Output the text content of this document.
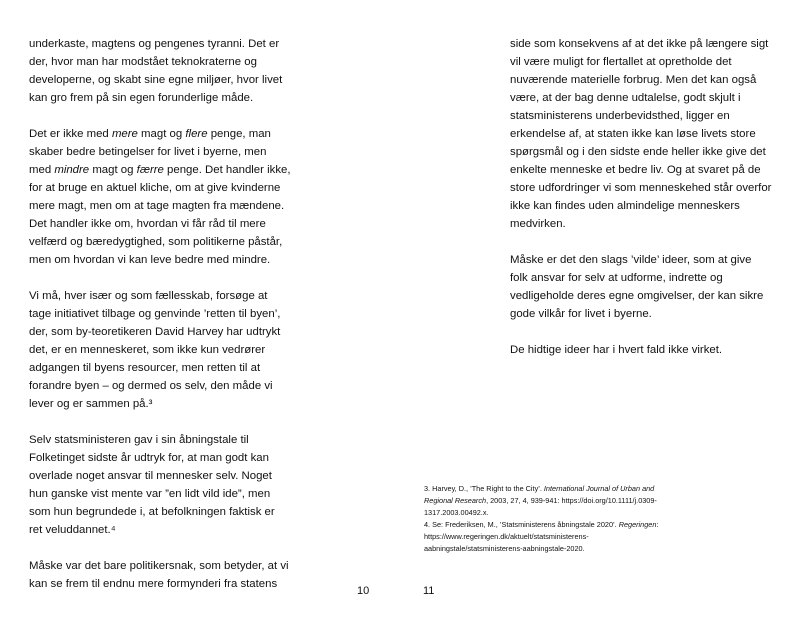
underkaste, magtens og pengenes tyranni. Det er der, hvor man har modstået teknokraterne og developerne, og skabt sine egne miljøer, hvor livet kan gro frem på sin egen forunderlige måde.

Det er ikke med mere magt og flere penge, man skaber bedre betingelser for livet i byerne, men med mindre magt og færre penge. Det handler ikke, for at bruge en aktuel kliche, om at give kvinderne mere magt, men om at tage magten fra mændene. Det handler ikke om, hvordan vi får råd til mere velfærd og bæredygtighed, som politikerne påstår, men om hvordan vi kan leve bedre med mindre.

Vi må, hver især og som fællesskab, forsøge at tage initiativet tilbage og genvinde ’retten til byen’, der, som by-teoretikeren David Harvey har udtrykt det, er en menneskeret, som ikke kun vedrører adgangen til byens resourcer, men retten til at forandre byen – og dermed os selv, den måde vi lever og er sammen på.³

Selv statsministeren gav i sin åbningstale til Folketinget sidste år udtryk for, at man godt kan overlade noget ansvar til mennesker selv. Noget hun ganske vist mente var ”en lidt vild ide”, men som hun begrundede i, at befolkningen faktisk er ret veluddannet.⁴

Måske var det bare politikersnak, som betyder, at vi kan se frem til endnu mere formynderi fra statens

10

side som konsekvens af at det ikke på længere sigt vil være muligt for flertallet at opretholde det nuværende materielle forbrug. Men det kan også være, at der bag denne udtalelse, godt skjult i statsministerens underbevidsthed, ligger en erkendelse af, at staten ikke kan løse livets store spørgsmål og i den sidste ende heller ikke give det enkelte menneske et bedre liv. Og at svaret på de store udfordringer vi som menneskehed står overfor ikke kan findes uden almindelige menneskers medvirken.

Måske er det den slags ’vilde’ ideer, som at give folk ansvar for selv at udforme, indrette og vedligeholde deres egne omgivelser, der kan sikre gode vilkår for livet i byerne.

De hidtige ideer har i hvert fald ikke virket.

3. Harvey, D., ’The Right to the City’. International Journal of Urban and Regional Research, 2003, 27, 4, 939-941: https://doi.org/10.1111/j.0309-1317.2003.00492.x.

4. Se: Frederiksen, M., ’Statsministerens åbningstale 2020’. Regeringen: https://www.regeringen.dk/aktuelt/statsministerens-aabningstale/statsministerens-aabningstale-2020.

11
